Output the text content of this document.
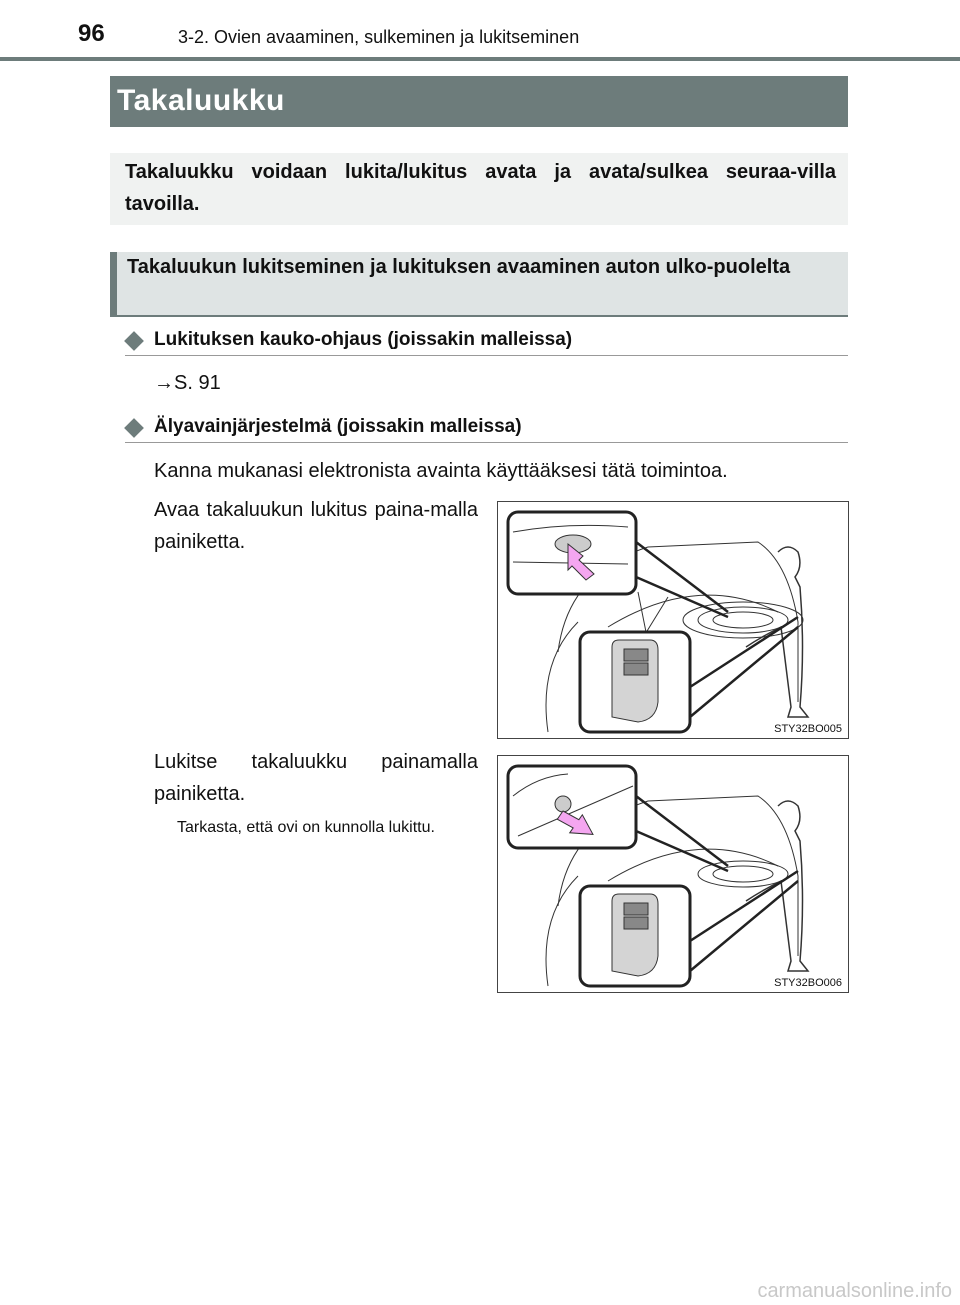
96	3-2. Ovien avaaminen, sulkeminen ja lukitseminen
Takaluukku

Takaluukku voidaan lukita/lukitus avata ja avata/sulkea seuraa-villa tavoilla.

Takaluukun lukitseminen ja lukituksen avaaminen auton ulko-puolelta

Lukituksen kauko-ohjaus (joissakin malleissa)
→S. 91
Älyavainjärjestelmä (joissakin malleissa)
Kanna mukanasi elektronista avainta käyttääksesi tätä toimintoa.
Avaa takaluukun lukitus paina-malla painiketta.
Lukitse takaluukku painamalla painiketta.
Tarkasta, että ovi on kunnolla lukittu.
STY32BO005
STY32BO006
carmanualsonline.info
